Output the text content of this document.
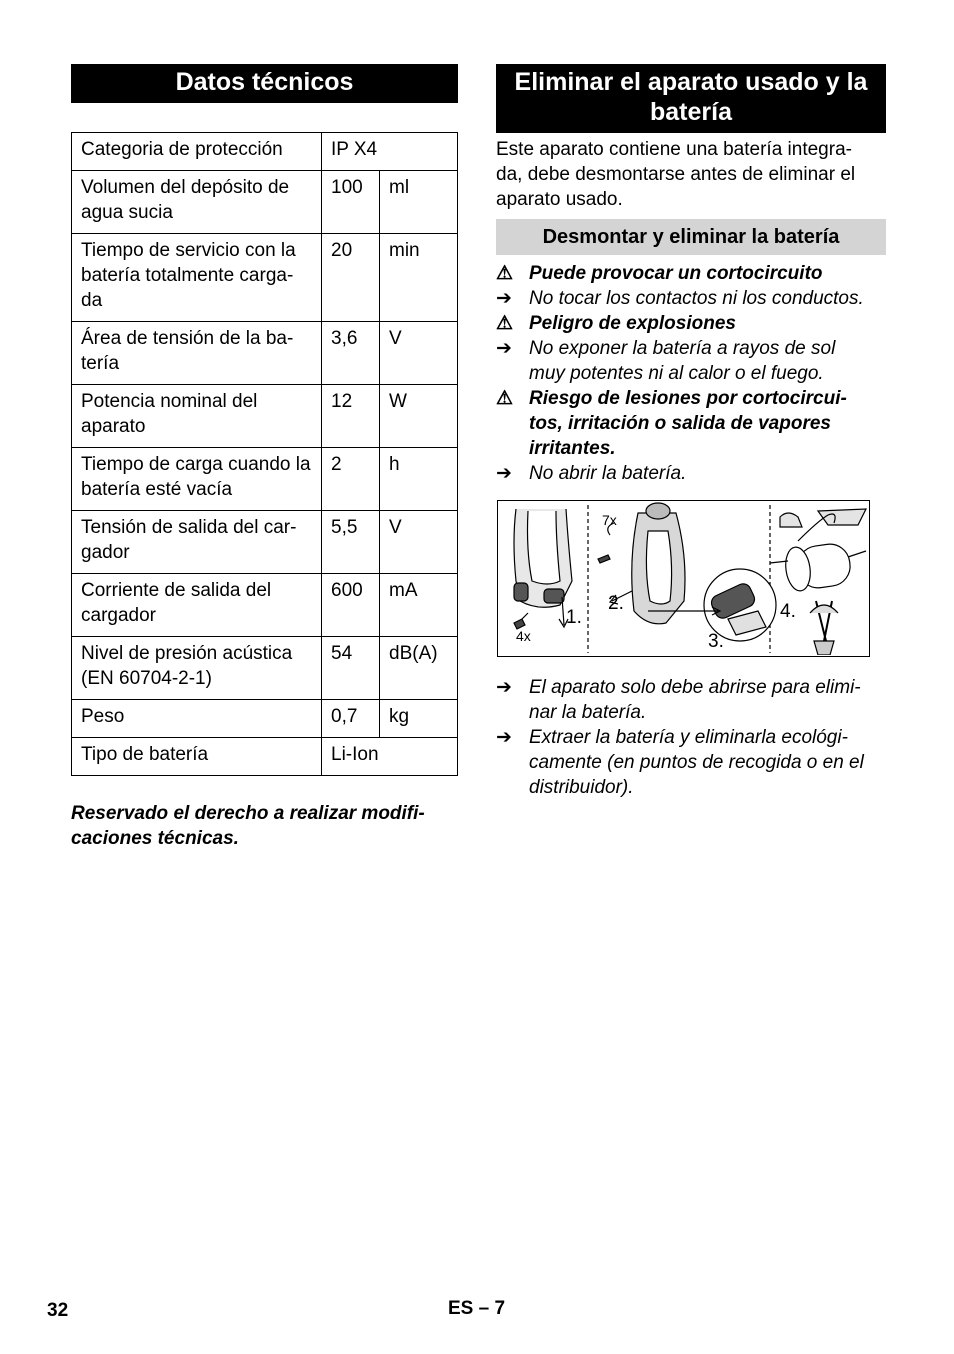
Datos técnicos
Categoria de protección	IP X4	
Volumen del depósito de agua sucia	100	ml
Tiempo de servicio con la batería totalmente carga-da	20	min
Área de tensión de la ba-tería	3,6	V
Potencia nominal del aparato	12	W
Tiempo de carga cuando la batería esté vacía	2	h
Tensión de salida del car-gador	5,5	V
Corriente de salida del cargador	600	mA
Nivel de presión acústica (EN 60704-2-1)	54	dB(A)
Peso	0,7	kg
Tipo de batería	Li-Ion	
Reservado el derecho a realizar modifi-
caciones técnicas.
Eliminar el aparato usado y la
batería
Este aparato contiene una batería integra-
da, debe desmontarse antes de eliminar el
aparato usado.
Desmontar y eliminar la batería
⚠ Puede provocar un cortocircuito
➔ No tocar los contactos ni los conductos.
⚠ Peligro de explosiones
➔ No exponer la batería a rayos de sol
muy potentes ni al calor o el fuego.
⚠ Riesgo de lesiones por cortocircui-
tos, irritación o salida de vapores
irritantes.
➔ No abrir la batería.
1.
7x
4x
2.
3.
4.
➔ El aparato solo debe abrirse para elimi-
nar la batería.
➔ Extraer la batería y eliminarla ecológi-
camente (en puntos de recogida o en el
distribuidor).
32	ES – 7
